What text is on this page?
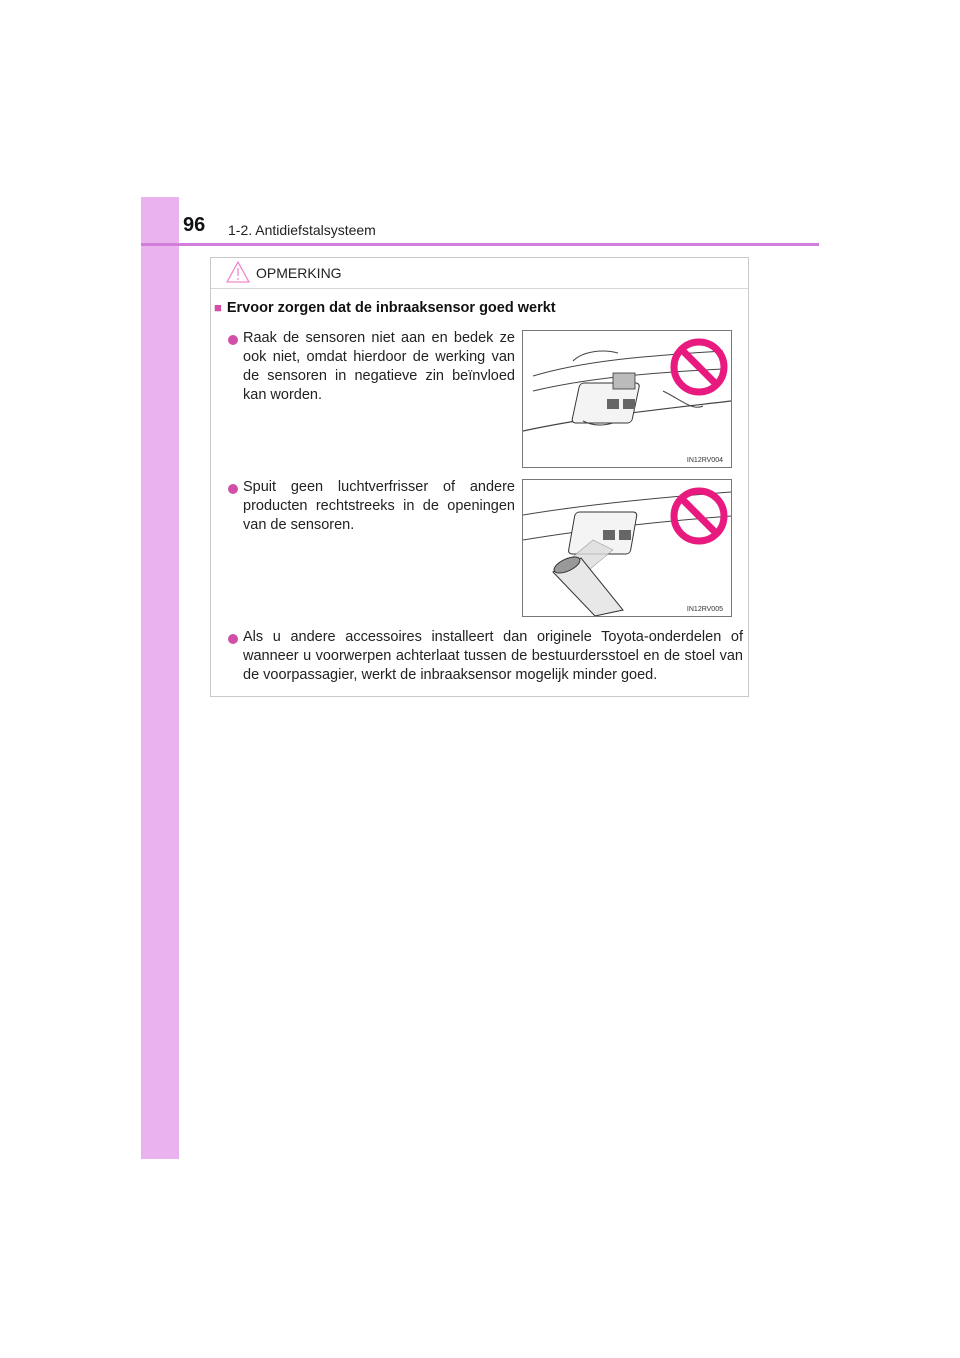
96 1-2. Antidiefstalsysteem
OPMERKING
■ Ervoor zorgen dat de inbraaksensor goed werkt
Raak de sensoren niet aan en bedek ze ook niet, omdat hierdoor de werking van de sensoren in negatieve zin beïnvloed kan worden.
IN12RV004
Spuit geen luchtverfrisser of andere producten rechtstreeks in de openingen van de sensoren.
IN12RV005
Als u andere accessoires installeert dan originele Toyota-onderdelen of wanneer u voorwerpen achterlaat tussen de bestuurdersstoel en de stoel van de voorpassagier, werkt de inbraaksensor mogelijk minder goed.
